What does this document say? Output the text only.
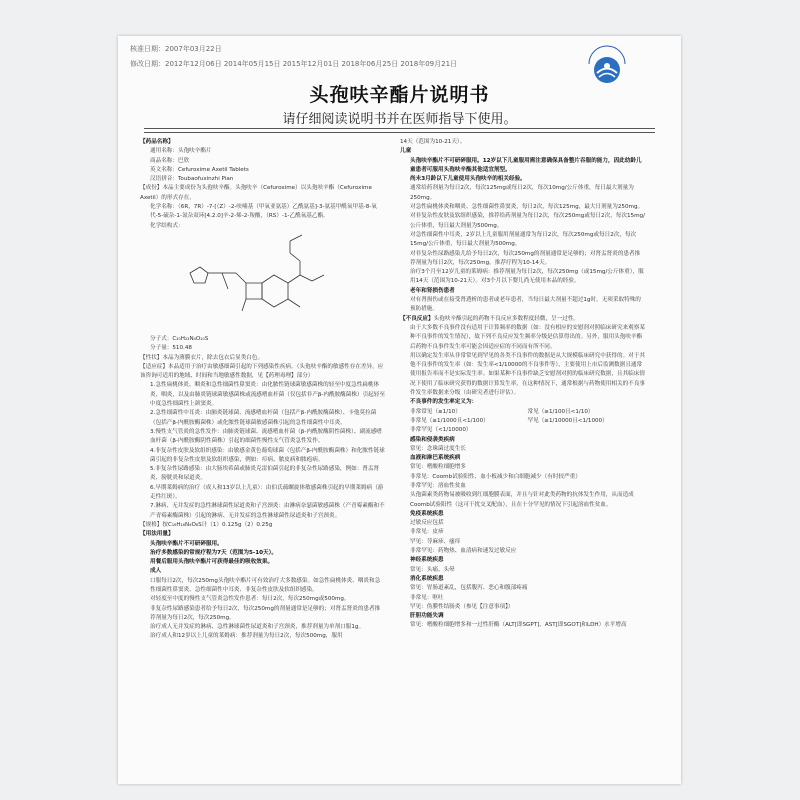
核准日期：2007年03月22日
修改日期：2012年12月06日 2014年05月15日 2015年12月01日 2018年06月25日 2018年09月21日
头孢呋辛酯片说明书
请仔细阅读说明书并在医师指导下使用。

【药品名称】

通用名称：头孢呋辛酯片

商品名称：巴欣

英文名称：Cefuroxime Axetil Tablets

汉语拼音：Toubaofuxinzhi Pian

【成份】本品主要成份为头孢呋辛酯。头孢呋辛（Cefuroxime）以头孢呋辛酯（Cefuroxime Axetil）的形式存在。

化学名称：（6R，7R）-7-[（Z）-2-呋喃基（甲氧亚氨基）乙酰氨基]-3-氨基甲酰氧甲基-8-氧代-5-硫杂-1-氮杂双环[4.2.0]辛-2-烯-2-羧酸，（RS）-1-乙酰氧基乙酯。

化学结构式：

分子式：C₂₀H₂₂N₄O₁₀S

分子量：510.48

【性状】本品为薄膜衣片，除去包衣后显类白色。

【适应症】本品适用于治疗由敏感细菌引起的下列感染性疾病。（头孢呋辛酯的敏感性存在差异，应该咨询可适用的地域、时间和当地敏感性数据，见【药理毒理】部分）

1.急性扁桃体炎、咽炎和急性细菌性鼻窦炎：由化脓性链球菌敏感菌株的轻至中度急性扁桃体炎、咽炎，以及由肺炎链球菌敏感菌株或流感嗜血杆菌（仅包括非产β-内酰胺酶菌株）引起轻至中度急性细菌性上颌窦炎。

2.急性细菌性中耳炎：由肺炎链球菌、流感嗜血杆菌（包括产β-内酰胺酶菌株）、卡他莫拉菌（包括产β-内酰胺酶菌株）或化脓性链球菌敏感菌株引起的急性细菌性中耳炎。

3.慢性支气管炎的急性发作：由肺炎链球菌、流感嗜血杆菌（β-内酰胺酶阴性菌株）、副流感嗜血杆菌（β-内酰胺酶阴性菌株）引起的细菌性慢性支气管炎急性发作。

4.非复杂性皮肤及软组织感染：由敏感金黄色葡萄球菌（包括产β-内酰胺酶菌株）和化脓性链球菌引起的非复杂性皮肤及软组织感染，例如：疖病、脓皮病和脓疱病。

5.非复杂性尿路感染：由大肠埃希菌或肺炎克雷伯菌引起的非复杂性尿路感染，例如：肾盂肾炎、膀胱炎和尿道炎。

6.早期莱姆病的治疗（成人和13岁以上儿童）：由伯氏疏螺旋体敏感菌株引起的早期莱姆病（游走性红斑）。

7.淋病、无并发症的急性淋球菌性尿道炎和子宫颈炎：由淋病奈瑟菌敏感菌株（产青霉素酶和不产青霉素酶菌株）引起的淋病、无并发症的急性淋球菌性尿道炎和子宫颈炎。

【规格】按C₁₆H₁₆N₄O₈S计（1）0.125g（2）0.25g

【用法用量】

头孢呋辛酯片不可研碎服用。

治疗多数感染的常规疗程为7天（范围为5-10天）。

用餐后服用头孢呋辛酯片可获得最佳的吸收效果。

成人

口服每日2次，每次250mg头孢呋辛酯片可有效治疗大多数感染。如急性扁桃体炎、咽炎和急性细菌性鼻窦炎、急性细菌性中耳炎、非复杂性皮肤及软组织感染。

对轻度至中度的慢性支气管炎急性发作患者：每日2次，每次250mg或500mg。

非复杂性尿路感染患者给予每日2次，每次250mg的剂量通常是足够的；对肾盂肾炎的患者推荐剂量为每日2次，每次250mg。

治疗成人无并发症的淋病、急性淋球菌性尿道炎和子宫颈炎，推荐剂量为单剂口服1g。

治疗成人和12岁以上儿童的莱姆病：推荐剂量为每日2次，每次500mg，服用

14天（范围为10-21天）。

儿童

头孢呋辛酯片不可研碎服用。12岁以下儿童服用需注意确保具备整片吞服的能力，因此幼龄儿童患者可服用头孢呋辛酯其他适宜剂型。

尚未3月龄以下儿童使用头孢呋辛的相关经验。

通常给药剂量为每日2次，每次125mg或每日2次，每次10mg/公斤体重，每日最大剂量为250mg。

对急性扁桃体炎和咽炎、急性细菌性鼻窦炎，每日2次，每次125mg，最大日剂量为250mg。

对非复杂性皮肤及软组织感染，推荐给药剂量为每日2次，每次250mg或每日2次，每次15mg/公斤体重，每日最大剂量为500mg。

对急性细菌性中耳炎，2岁以上儿童服用剂量通常为每日2次，每次250mg或每日2次，每次15mg/公斤体重，每日最大剂量为500mg。

对非复杂性尿路感染儿给予每日2次，每次250mg的剂量通常是足够的；对肾盂肾炎的患者推荐剂量为每日2次，每次250mg。推荐疗程为10-14天。

治疗3个月至12岁儿童的莱姆病：推荐剂量为每日2次，每次250mg（或15mg/公斤体重），服用14天（范围为10-21天）。对3个月以下婴儿尚无使用本品的经验。

老年和肾损伤患者

对有肾损伤或在接受肾透析的患者或老年患者，当每日最大剂量不超过1g时，无须采取特殊的预防措施。

【不良反应】头孢呋辛酯引起的药物不良反应多数程度轻微，呈一过性。

由于大多数不良事件没有适用于计算频率的数据（如：没有相应的安慰剂对照临床研究来观察某种不良事件的发生情况），故下列不良反应发生频率分级是估算得出的。另外，服用头孢呋辛酯后药物不良事件发生率可能会因适应症的不同而有所不同。

用以确定发生率从非常常见到罕见的各类不良事件的数据是从大规模临床研究中获得的。对于其他不良事件的发生率（如：发生率<1/10000的不良事件等），主要使用上市后监测数据且通常使用报告率而不是实际发生率。如果某种不良事件缺乏安慰剂对照的临床研究数据，且其临床情况下使用了临床研究获得的数据计算发生率，在这种情况下，通常根据与药物使用相关的不良事件发生率数据来分级（由研究者进行评估）。

不良事件的发生率定义为：

非常常见（≥1/10）	常见（≥1/100且<1/10）
非常见（≥1/1000且<1/100）	罕见（≥1/10000且<1/1000）
非常罕见（<1/10000）

感染和侵袭类疾病

常见：念珠菌过度生长

血液和淋巴系统疾病

常见：嗜酸粒细胞增多

非常见：Coomb试验阳性、血小板减少和白细胞减少（有时较严重）

非常罕见：溶血性贫血

头孢菌素类药物易被吸收到红细胞膜表面，并且与针对此类药物的抗体发生作用，从而造成Coomb试验阳性（这可干扰交叉配血），且在十分罕见的情况下引起溶血性贫血。

免疫系统疾患

过敏反应包括

非常见：皮疹

罕见：荨麻疹、瘙痒

非常罕见：药物热、血清病和速发过敏反应

神经系统疾患

常见：头痛、头晕

消化系统疾患

常见：胃肠道紊乱，包括腹泻、恶心和腹部疼痛

非常见：呕吐

罕见：伪膜性结肠炎（参见【注意事项】）

肝胆功能失调

常见：嗜酸粒细胞增多和一过性肝酶（ALT[即SGPT]、AST[即SGOT]和LDH）水平增高
